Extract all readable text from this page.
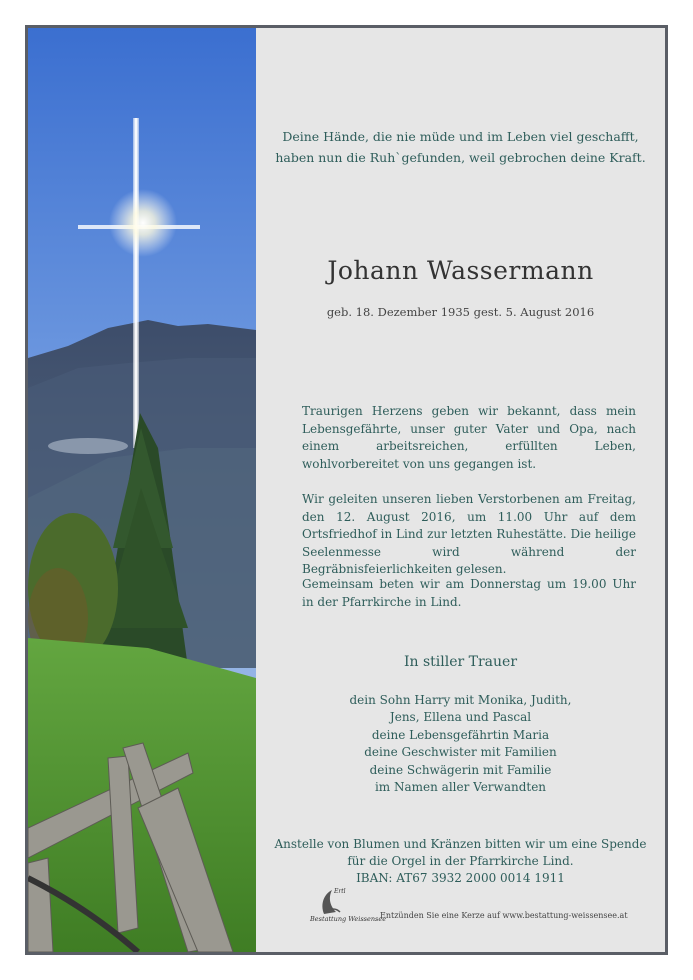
Deine Hände, die nie müde und im Leben viel geschafft,
haben nun die Ruh`gefunden, weil gebrochen deine Kraft.
Johann Wassermann
geb. 18. Dezember 1935 gest. 5. August 2016
Traurigen Herzens geben wir bekannt, dass mein Lebensgefährte, unser guter Vater und Opa, nach einem arbeitsreichen, erfüllten Leben, wohlvorbereitet von uns gegangen ist.
Wir geleiten unseren lieben Verstorbenen am Freitag, den 12. August 2016, um 11.00 Uhr auf dem Ortsfriedhof in Lind zur letzten Ruhestätte. Die heilige Seelenmesse wird während der Begräbnisfeierlichkeiten gelesen.
Gemeinsam beten wir am Donnerstag um 19.00 Uhr in der Pfarrkirche in Lind.
In stiller Trauer
dein Sohn Harry mit Monika, Judith,
Jens, Ellena und Pascal
deine Lebensgefährtin Maria
deine Geschwister mit Familien
deine Schwägerin mit Familie
im Namen aller Verwandten
Anstelle von Blumen und Kränzen bitten wir um eine Spende
für die Orgel in der Pfarrkirche Lind.
IBAN: AT67 3932 2000 0014 1911
Ertl
Bestattung Weissensee
Entzünden Sie eine Kerze auf www.bestattung-weissensee.at
